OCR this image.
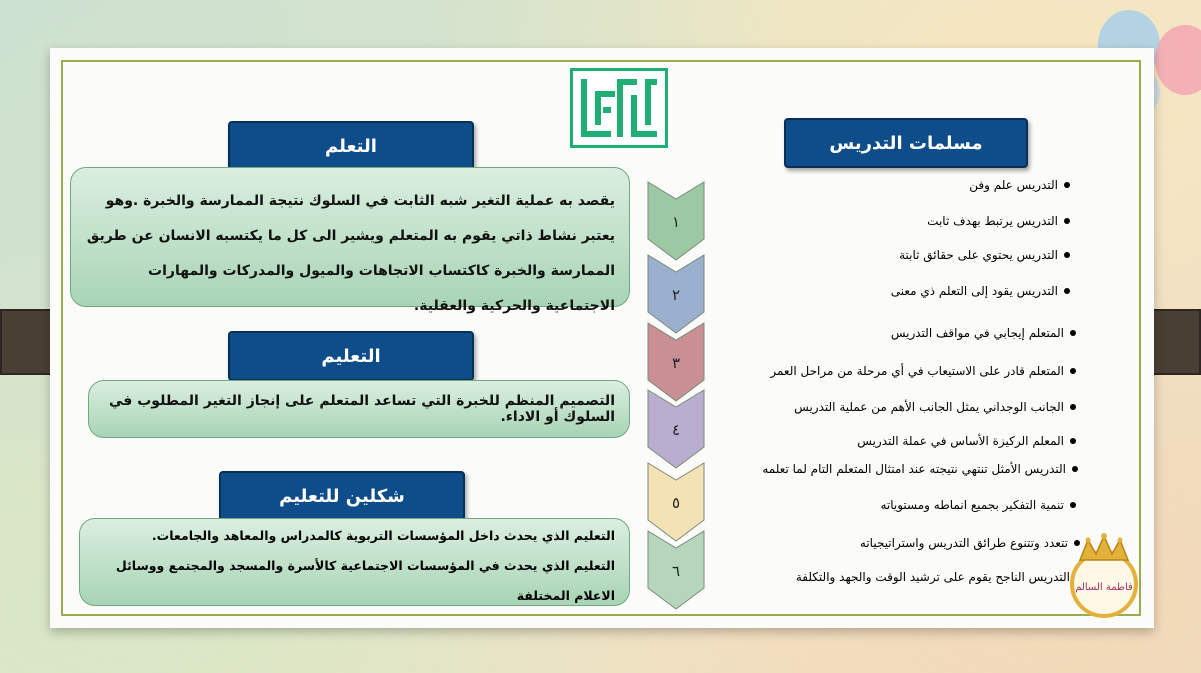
التعلم
التعليم
شكلين للتعليم
مسلمات التدريس
يقصد به عملية التغير شبه الثابت في السلوك نتيجة الممارسة والخبرة .وهو يعتبر نشاط ذاتي يقوم به المتعلم ويشير الى كل ما يكتسبه الانسان عن طريق الممارسة والخبرة كاكتساب الاتجاهات والميول والمدركات والمهارات الاجتماعية والحركية والعقلية.
التصميم المنظم للخبرة التي تساعد المتعلم على إنجاز التغير المطلوب في السلوك أو الاداء.
التعليم الذي يحدث داخل المؤسسات التربوية كالمدراس والمعاهد والجامعات.
التعليم الذي يحدث في المؤسسات الاجتماعية كالأسرة والمسجد والمجتمع ووسائل الاعلام المختلفة
١
٢
٣
٤
٥
٦
التدريس علم وفن
التدريس يرتبط بهدف ثابت
التدريس يحتوي على حقائق ثابتة
التدريس يقود إلى التعلم ذي معنى
المتعلم إيجابي في مواقف التدريس
المتعلم قادر على الاستيعاب في أي مرحلة من مراحل العمر
الجانب الوجداني يمثل الجانب الأهم من عملية التدريس
المعلم الركيزة الأساس في عملة التدريس
التدريس الأمثل تنتهي نتيجته عند امتثال المتعلم التام لما تعلمه
تنمية التفكير بجميع انماطه ومستوياته
تتعدد وتتنوع طرائق التدريس واستراتيجياته
التدريس الناجح يقوم على ترشيد الوقت والجهد والتكلفة
فاطمة السالم
